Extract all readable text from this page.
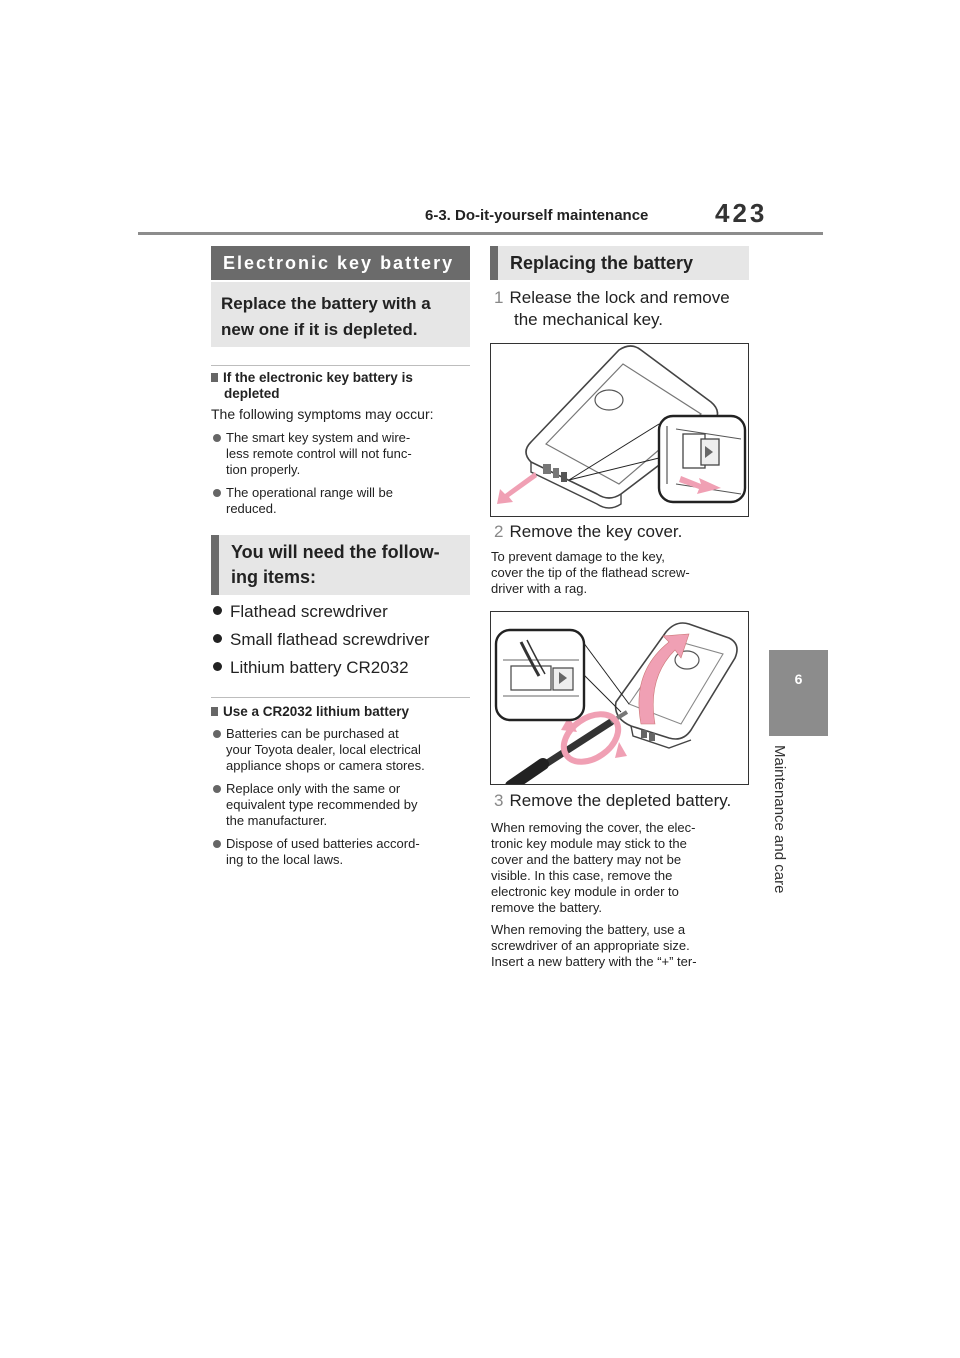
6-3. Do-it-yourself maintenance	423
6
Maintenance and care
Electronic key battery
Replace the battery with a new one if it is depleted.
If the electronic key battery is
depleted
The following symptoms may occur:
The smart key system and wire-
less remote control will not func-
tion properly.
The operational range will be
reduced.
You will need the follow-
ing items:
Flathead screwdriver
Small flathead screwdriver
Lithium battery CR2032
Use a CR2032 lithium battery
Batteries can be purchased at
your Toyota dealer, local electrical
appliance shops or camera stores.
Replace only with the same or
equivalent type recommended by
the manufacturer.
Dispose of used batteries accord-
ing to the local laws.
Replacing the battery
1 Release the lock and remove
the mechanical key.
2 Remove the key cover.
To prevent damage to the key,
cover the tip of the flathead screw-
driver with a rag.
3 Remove the depleted battery.
When removing the cover, the elec-
tronic key module may stick to the
cover and the battery may not be
visible. In this case, remove the
electronic key module in order to
remove the battery.
When removing the battery, use a
screwdriver of an appropriate size.
Insert a new battery with the “+” ter-
